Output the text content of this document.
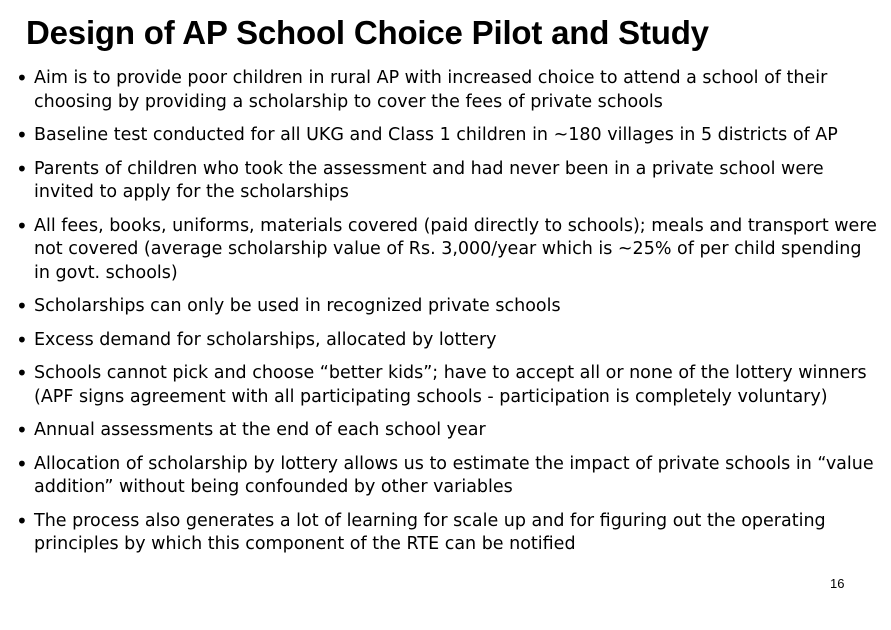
Design of AP School Choice Pilot and Study
• Aim is to provide poor children in rural AP with increased choice to attend a school of their choosing by providing a scholarship to cover the fees of private schools
• Baseline test conducted for all UKG and Class 1 children in ~180 villages in 5 districts of AP
• Parents of children who took the assessment and had never been in a private school were invited to apply for the scholarships
• All fees, books, uniforms, materials covered (paid directly to schools); meals and transport were not covered (average scholarship value of Rs. 3,000/year which is ~25% of per child spending in govt. schools)
• Scholarships can only be used in recognized private schools
• Excess demand for scholarships, allocated by lottery
• Schools cannot pick and choose “better kids”; have to accept all or none of the lottery winners (APF signs agreement with all participating schools - participation is completely voluntary)
• Annual assessments at the end of each school year
• Allocation of scholarship by lottery allows us to estimate the impact of private schools in “value addition” without being confounded by other variables
• The process also generates a lot of learning for scale up and for figuring out the operating principles by which this component of the RTE can be notified
16
